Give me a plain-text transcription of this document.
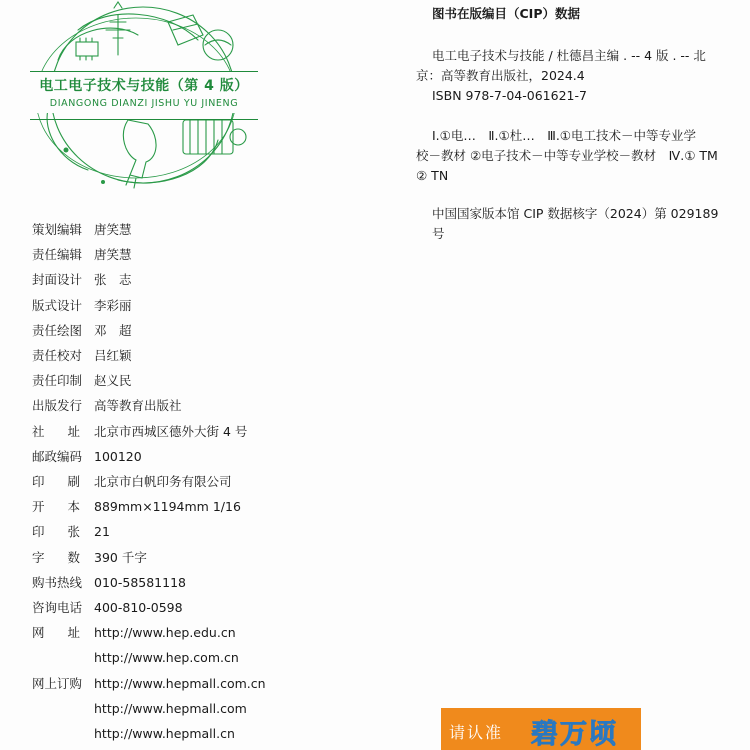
电工电子技术与技能（第 4 版）
DIANGONG DIANZI JISHU YU JINENG
策划编辑 唐笑慧
责任编辑 唐笑慧
封面设计 张　志
版式设计 李彩丽
责任绘图 邓　超
责任校对 吕红颖
责任印制 赵义民
出版发行 高等教育出版社
社址 北京市西城区德外大街 4 号
邮政编码 100120
印刷 北京市白帆印务有限公司
开本 889mm×1194mm 1/16
印张 21
字数 390 千字
购书热线 010-58581118
咨询电话 400-810-0598
网址 http://www.hep.edu.cn
http://www.hep.com.cn
网上订购 http://www.hepmall.com.cn
http://www.hepmall.com
http://www.hepmall.cn
图书在版编目（CIP）数据

电工电子技术与技能 / 杜德昌主编 . -- 4 版 . -- 北

京：高等教育出版社，2024.4

ISBN 978-7-04-061621-7

Ⅰ.①电…　Ⅱ.①杜…　Ⅲ.①电工技术－中等专业学

校－教材 ②电子技术－中等专业学校－教材　Ⅳ.① TM

② TN

中国国家版本馆 CIP 数据核字（2024）第 029189 号

请认准 碧万顷
